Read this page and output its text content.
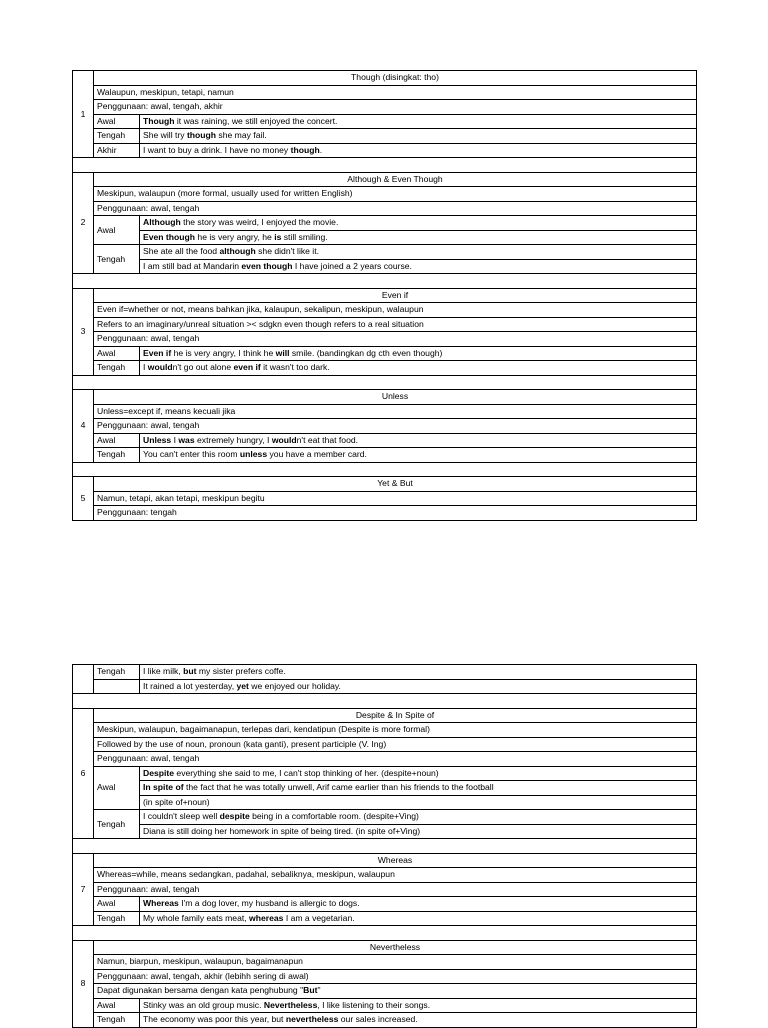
1	Though (disingkat: tho)	
	Walaupun, meskipun, tetapi, namun	
	Penggunaan: awal, tengah, akhir	
	Awal	Though it was raining, we still enjoyed the concert.
	Tengah	She will try though she may fail.
	Akhir	I want to buy a drink. I have no money though.

2	Although & Even Though	
	Meskipun, walaupun (more formal, usually used for written English)	
	Penggunaan: awal, tengah	
	Awal	Although the story was weird, I enjoyed the movie.
		Even though he is very angry, he is still smiling.
	Tengah	She ate all the food although she didn't like it.
		I am still bad at Mandarin even though I have joined a 2 years course.

3	Even if	
	Even if=whether or not, means bahkan jika, kalaupun, sekalipun, meskipun, walaupun	
	Refers to an imaginary/unreal situation >< sdgkn even though refers to a real situation	
	Penggunaan: awal, tengah	
	Awal	Even if he is very angry, I think he will smile. (bandingkan dg cth even though)
	Tengah	I wouldn't go out alone even if it wasn't too dark.

4	Unless	
	Unless=except if, means kecuali jika	
	Penggunaan: awal, tengah	
	Awal	Unless I was extremely hungry, I wouldn't eat that food.
	Tengah	You can't enter this room unless you have a member card.

5	Yet & But	
	Namun, tetapi, akan tetapi, meskipun begitu	
	Penggunaan: tengah	
	Tengah	I like milk, but my sister prefers coffe.
		It rained a lot yesterday, yet we enjoyed our holiday.

6	Despite & In Spite of	
	Meskipun, walaupun, bagaimanapun, terlepas dari, kendatipun (Despite is more formal)	
	Followed by the use of noun, pronoun (kata ganti), present participle (V. Ing)	
	Penggunaan: awal, tengah	
	Awal	Despite everything she said to me, I can't stop thinking of her. (despite+noun)
		In spite of the fact that he was totally unwell, Arif came earlier than his friends to the football
		(in spite of+noun)
	Tengah	I couldn't sleep well despite being in a comfortable room. (despite+Ving)
		Diana is still doing her homework in spite of being tired. (in spite of+Ving)

7	Whereas	
	Whereas=while, means sedangkan, padahal, sebaliknya, meskipun, walaupun	
	Penggunaan: awal, tengah	
	Awal	Whereas I'm a dog lover, my husband is allergic to dogs.
	Tengah	My whole family eats meat, whereas I am a vegetarian.

8	Nevertheless	
	Namun, biarpun, meskipun, walaupun, bagaimanapun	
	Penggunaan: awal, tengah, akhir (lebihh sering di awal)	
	Dapat digunakan bersama dengan kata penghubung "But"	
	Awal	Stinky was an old group music. Nevertheless, I like listening to their songs.
	Tengah	The economy was poor this year, but nevertheless our sales increased.
